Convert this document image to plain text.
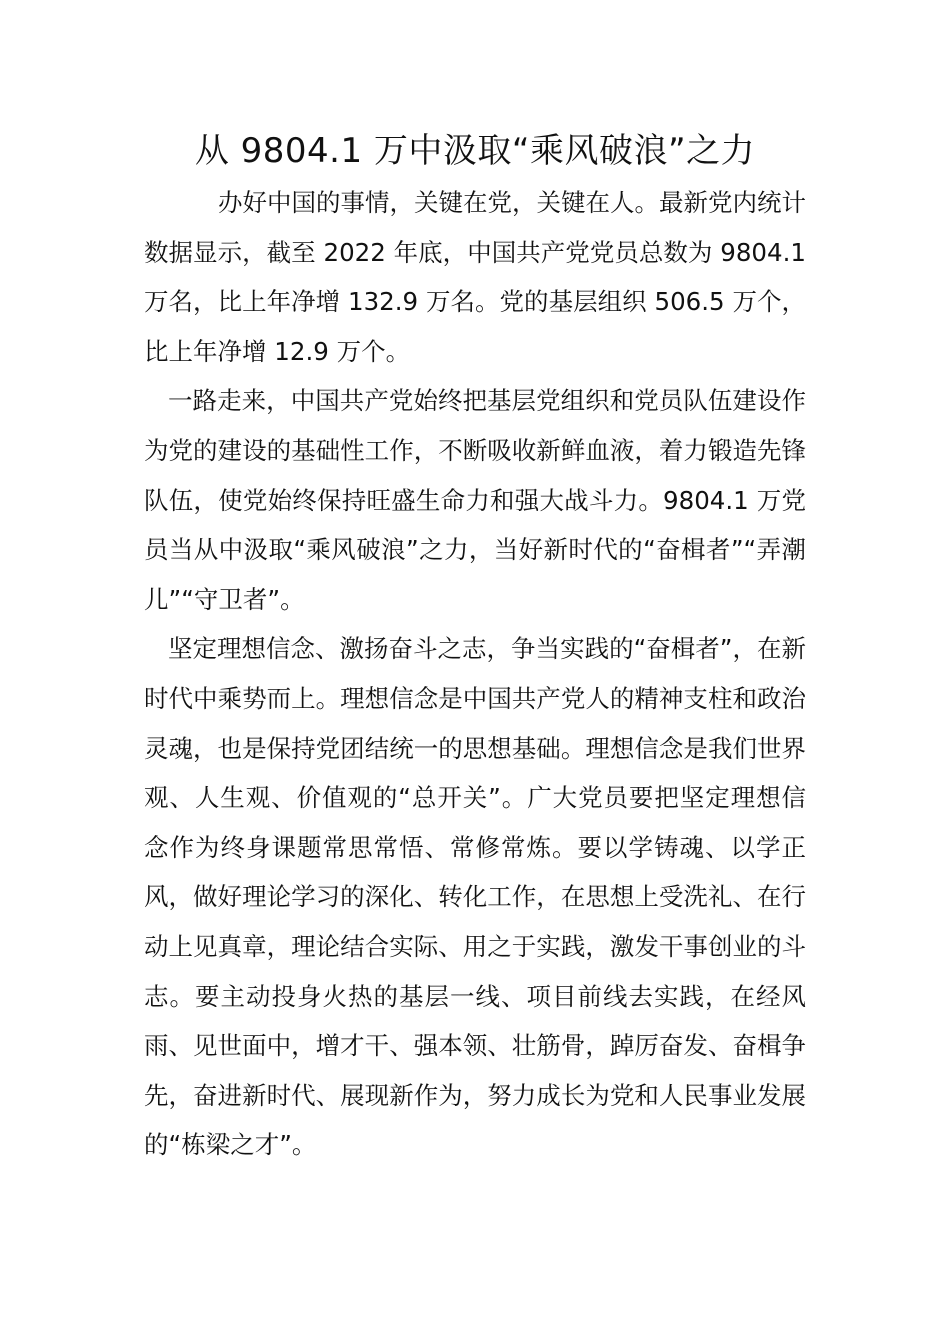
从 9804.1 万中汲取“乘风破浪”之力

办好中国的事情，关键在党，关键在人。最新党内统计数据显示，截至 2022 年底，中国共产党党员总数为 9804.1 万名，比上年净增 132.9 万名。党的基层组织 506.5 万个，比上年净增 12.9 万个。

一路走来，中国共产党始终把基层党组织和党员队伍建设作为党的建设的基础性工作，不断吸收新鲜血液，着力锻造先锋队伍，使党始终保持旺盛生命力和强大战斗力。9804.1 万党员当从中汲取“乘风破浪”之力，当好新时代的“奋楫者”“弄潮儿”“守卫者”。

坚定理想信念、激扬奋斗之志，争当实践的“奋楫者”，在新时代中乘势而上。理想信念是中国共产党人的精神支柱和政治灵魂，也是保持党团结统一的思想基础。理想信念是我们世界观、人生观、价值观的“总开关”。广大党员要把坚定理想信念作为终身课题常思常悟、常修常炼。要以学铸魂、以学正风，做好理论学习的深化、转化工作，在思想上受洗礼、在行动上见真章，理论结合实际、用之于实践，激发干事创业的斗志。要主动投身火热的基层一线、项目前线去实践，在经风雨、见世面中，增才干、强本领、壮筋骨，踔厉奋发、奋楫争先，奋进新时代、展现新作为，努力成长为党和人民事业发展的“栋梁之才”。
